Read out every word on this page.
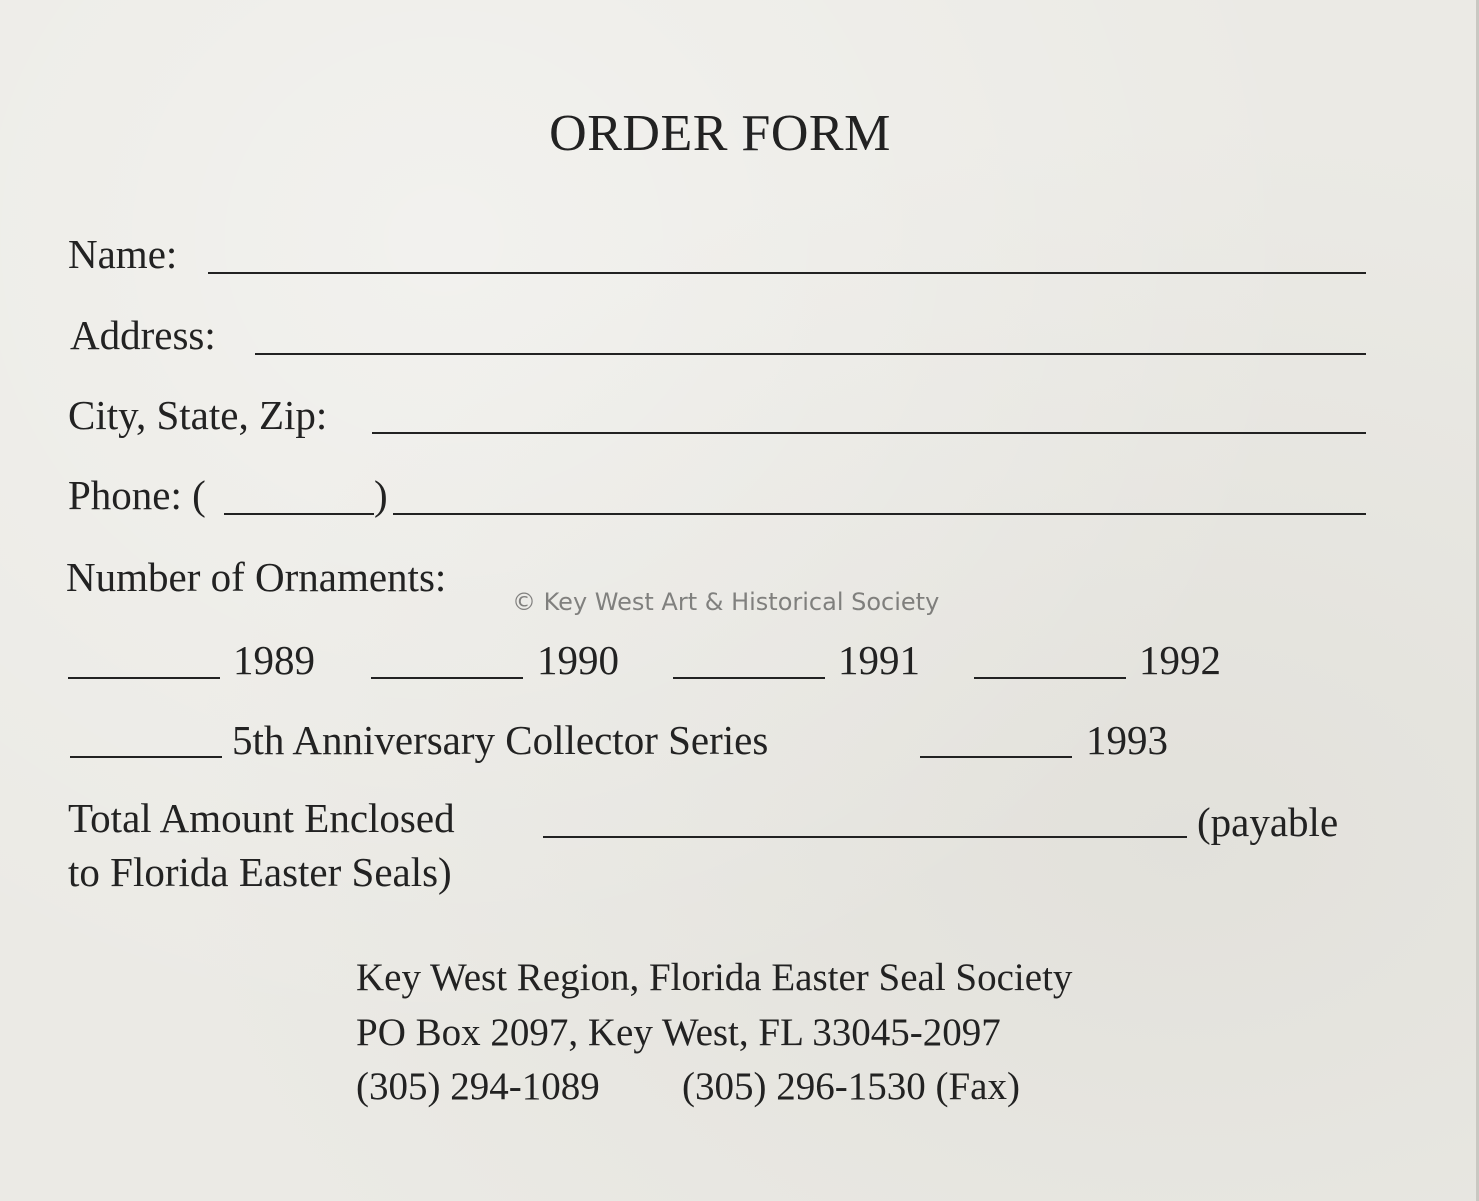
ORDER FORM
Name:
Address:
City, State, Zip:
Phone: (	)
Number of Ornaments:
© Key West Art & Historical Society
1989	1990	1991	1992
5th Anniversary Collector Series	1993
Total Amount Enclosed	(payable
to Florida Easter Seals)
Key West Region, Florida Easter Seal Society
PO Box 2097, Key West, FL 33045-2097
(305) 294-1089 (305) 296-1530 (Fax)
